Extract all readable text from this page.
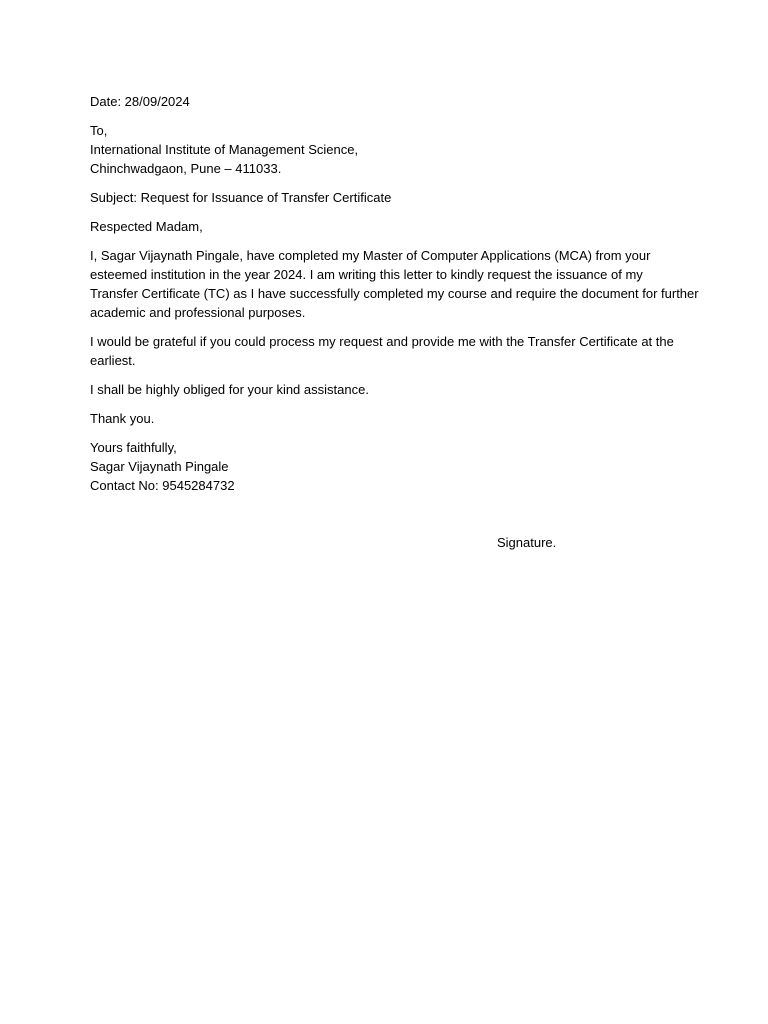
Date: 28/09/2024
To,
International Institute of Management Science,
Chinchwadgaon, Pune – 411033.
Subject: Request for Issuance of Transfer Certificate
Respected Madam,
I, Sagar Vijaynath Pingale, have completed my Master of Computer Applications (MCA) from your
esteemed institution in the year 2024. I am writing this letter to kindly request the issuance of my
Transfer Certificate (TC) as I have successfully completed my course and require the document for further
academic and professional purposes.
I would be grateful if you could process my request and provide me with the Transfer Certificate at the
earliest.
I shall be highly obliged for your kind assistance.
Thank you.
Yours faithfully,
Sagar Vijaynath Pingale
Contact No: 9545284732
Signature.
